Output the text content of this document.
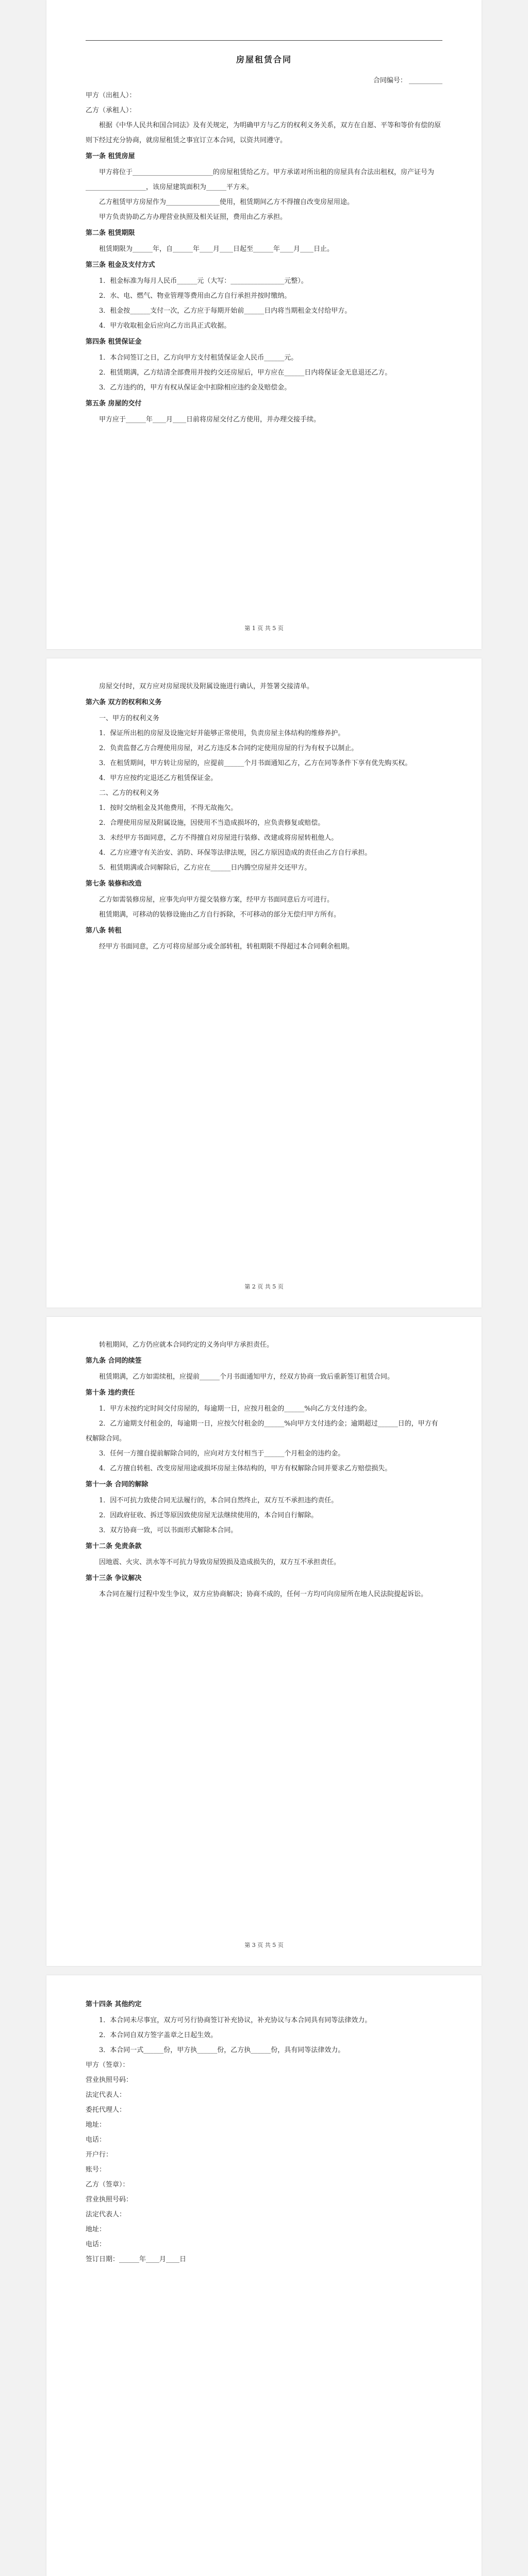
房屋租赁合同
合同编号： __________
甲方（出租人）：
乙方（承租人）：
根据《中华人民共和国合同法》及有关规定，为明确甲方与乙方的权利义务关系，双方在自愿、平等和等价有偿的原则下经过充分协商，就房屋租赁之事宜订立本合同，以资共同遵守。
第一条 租赁房屋
甲方将位于________________________的房屋租赁给乙方。甲方承诺对所出租的房屋具有合法出租权，房产证号为__________________，该房屋建筑面积为______平方米。
乙方租赁甲方房屋作为________________使用，租赁期间乙方不得擅自改变房屋用途。
甲方负责协助乙方办理营业执照及相关证照，费用由乙方承担。
第二条 租赁期限
租赁期限为______年，自______年____月____日起至______年____月____日止。
第三条 租金及支付方式
1．租金标准为每月人民币______元（大写：________________元整）。
2．水、电、燃气、物业管理等费用由乙方自行承担并按时缴纳。
3．租金按______支付一次，乙方应于每期开始前______日内将当期租金支付给甲方。
4．甲方收取租金后应向乙方出具正式收据。
第四条 租赁保证金
1．本合同签订之日，乙方向甲方支付租赁保证金人民币______元。
2．租赁期满，乙方结清全部费用并按约交还房屋后，甲方应在______日内将保证金无息退还乙方。
3．乙方违约的，甲方有权从保证金中扣除相应违约金及赔偿金。
第五条 房屋的交付
甲方应于______年____月____日前将房屋交付乙方使用，并办理交接手续。
第 1 页 共 5 页
房屋交付时，双方应对房屋现状及附属设施进行确认，并签署交接清单。
第六条 双方的权利和义务
一、甲方的权利义务
1．保证所出租的房屋及设施完好并能够正常使用，负责房屋主体结构的维修养护。
2．负责监督乙方合理使用房屋，对乙方违反本合同约定使用房屋的行为有权予以制止。
3．在租赁期间，甲方转让房屋的，应提前______个月书面通知乙方，乙方在同等条件下享有优先购买权。
4．甲方应按约定退还乙方租赁保证金。
二、乙方的权利义务
1．按时交纳租金及其他费用，不得无故拖欠。
2．合理使用房屋及附属设施，因使用不当造成损坏的，应负责修复或赔偿。
3．未经甲方书面同意，乙方不得擅自对房屋进行装修、改建或将房屋转租他人。
4．乙方应遵守有关治安、消防、环保等法律法规，因乙方原因造成的责任由乙方自行承担。
5．租赁期满或合同解除后，乙方应在______日内腾空房屋并交还甲方。
第七条 装修和改造
乙方如需装修房屋，应事先向甲方提交装修方案，经甲方书面同意后方可进行。
租赁期满，可移动的装修设施由乙方自行拆除，不可移动的部分无偿归甲方所有。
第八条 转租
经甲方书面同意，乙方可将房屋部分或全部转租，转租期限不得超过本合同剩余租期。
第 2 页 共 5 页
转租期间，乙方仍应就本合同约定的义务向甲方承担责任。
第九条 合同的续签
租赁期满，乙方如需续租，应提前______个月书面通知甲方，经双方协商一致后重新签订租赁合同。
第十条 违约责任
1．甲方未按约定时间交付房屋的，每逾期一日，应按月租金的______%向乙方支付违约金。
2．乙方逾期支付租金的，每逾期一日，应按欠付租金的______%向甲方支付违约金；逾期超过______日的，甲方有权解除合同。
3．任何一方擅自提前解除合同的，应向对方支付相当于______个月租金的违约金。
4．乙方擅自转租、改变房屋用途或损坏房屋主体结构的，甲方有权解除合同并要求乙方赔偿损失。
第十一条 合同的解除
1．因不可抗力致使合同无法履行的，本合同自然终止，双方互不承担违约责任。
2．因政府征收、拆迁等原因致使房屋无法继续使用的，本合同自行解除。
3．双方协商一致，可以书面形式解除本合同。
第十二条 免责条款
因地震、火灾、洪水等不可抗力导致房屋毁损及造成损失的，双方互不承担责任。
第十三条 争议解决
本合同在履行过程中发生争议，双方应协商解决；协商不成的，任何一方均可向房屋所在地人民法院提起诉讼。
第 3 页 共 5 页
第十四条 其他约定
1．本合同未尽事宜，双方可另行协商签订补充协议，补充协议与本合同具有同等法律效力。
2．本合同自双方签字盖章之日起生效。
3．本合同一式______份，甲方执______份，乙方执______份，具有同等法律效力。
甲方（签章）：
营业执照号码：
法定代表人：
委托代理人：
地址：
电话：
开户行：
账号：
乙方（签章）：
营业执照号码：
法定代表人：
地址：
电话：
签订日期：______年____月____日
